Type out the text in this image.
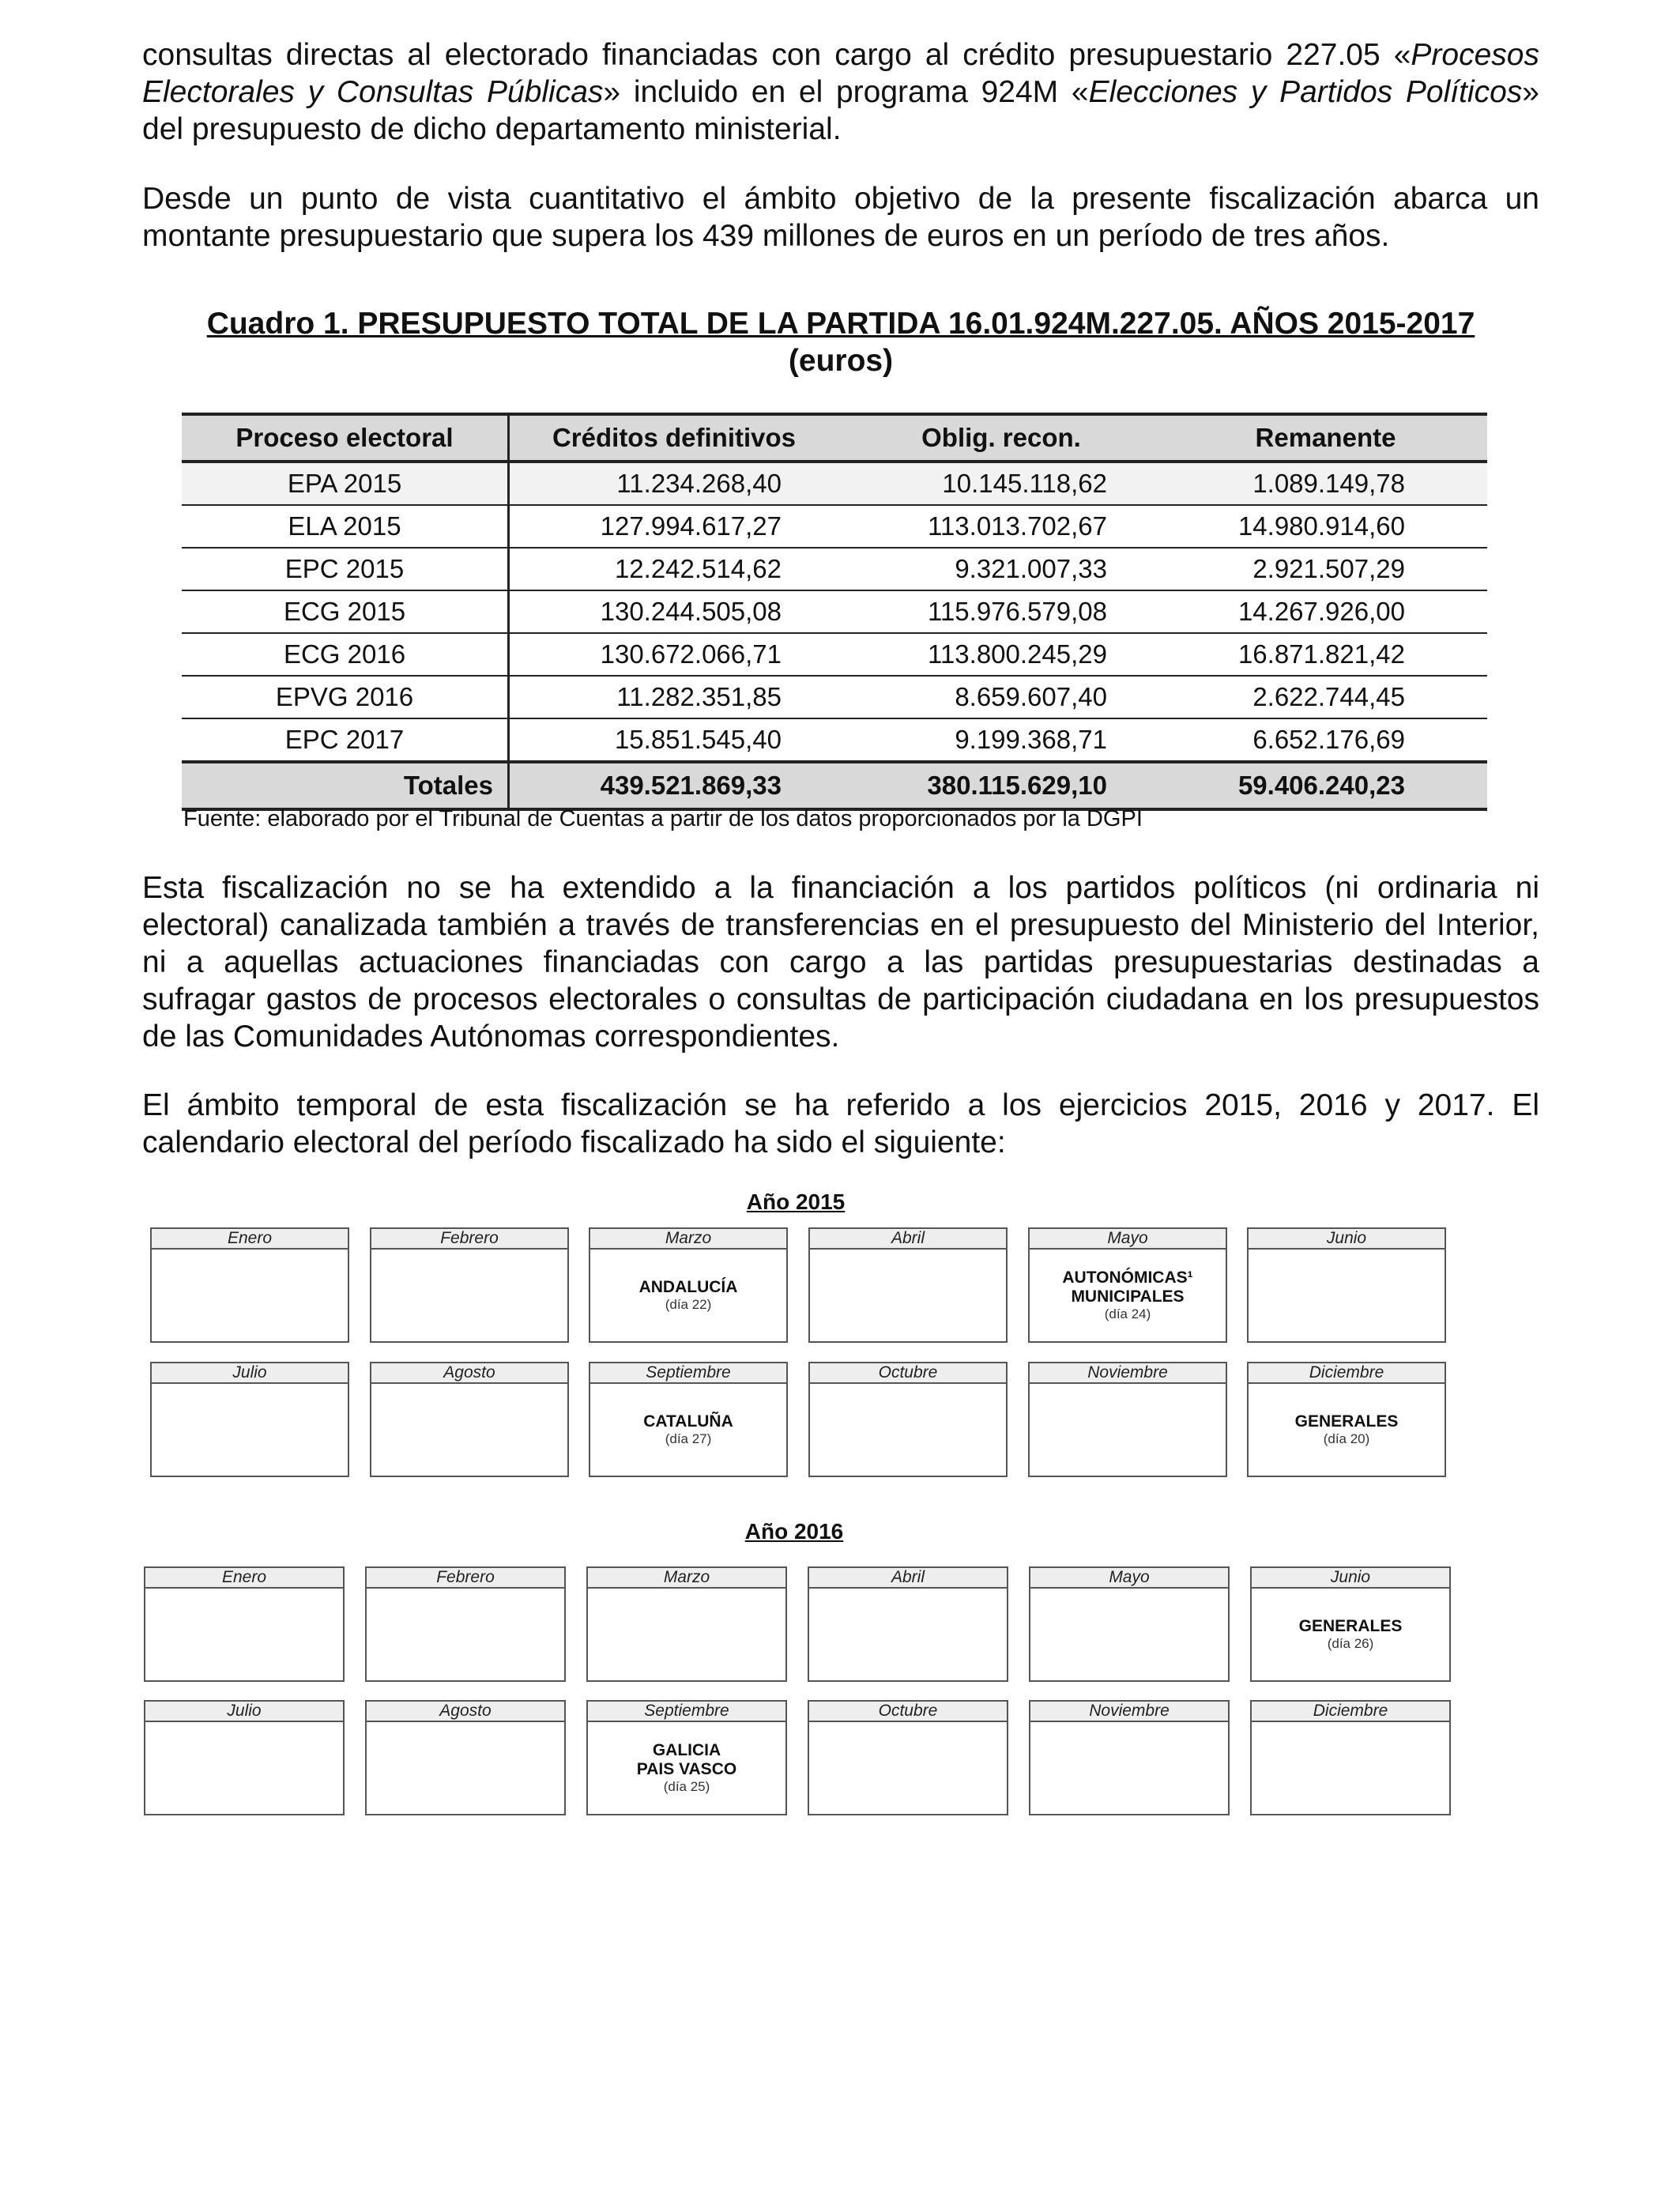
consultas directas al electorado financiadas con cargo al crédito presupuestario 227.05 «Procesos
Electorales y Consultas Públicas» incluido en el programa 924M «Elecciones y Partidos Políticos»
del presupuesto de dicho departamento ministerial.
Desde un punto de vista cuantitativo el ámbito objetivo de la presente fiscalización abarca un
montante presupuestario que supera los 439 millones de euros en un período de tres años.
Cuadro 1. PRESUPUESTO TOTAL DE LA PARTIDA 16.01.924M.227.05. AÑOS 2015-2017
(euros)
Proceso electoral	Créditos definitivos	Oblig. recon.	Remanente
EPA 2015	11.234.268,40	10.145.118,62	1.089.149,78
ELA 2015	127.994.617,27	113.013.702,67	14.980.914,60
EPC 2015	12.242.514,62	9.321.007,33	2.921.507,29
ECG 2015	130.244.505,08	115.976.579,08	14.267.926,00
ECG 2016	130.672.066,71	113.800.245,29	16.871.821,42
EPVG 2016	11.282.351,85	8.659.607,40	2.622.744,45
EPC 2017	15.851.545,40	9.199.368,71	6.652.176,69
Totales	439.521.869,33	380.115.629,10	59.406.240,23
Fuente: elaborado por el Tribunal de Cuentas a partir de los datos proporcionados por la DGPI
Esta fiscalización no se ha extendido a la financiación a los partidos políticos (ni ordinaria ni
electoral) canalizada también a través de transferencias en el presupuesto del Ministerio del Interior,
ni a aquellas actuaciones financiadas con cargo a las partidas presupuestarias destinadas a
sufragar gastos de procesos electorales o consultas de participación ciudadana en los presupuestos
de las Comunidades Autónomas correspondientes.
El ámbito temporal de esta fiscalización se ha referido a los ejercicios 2015, 2016 y 2017. El
calendario electoral del período fiscalizado ha sido el siguiente:
Año 2015
Enero	Febrero	Marzo
ANDALUCÍA
(día 22)
Abril	Mayo
AUTONÓMICAS¹
MUNICIPALES
(día 24)
Junio
Julio	Agosto	Septiembre
CATALUÑA
(día 27)
Octubre	Noviembre	Diciembre
GENERALES
(día 20)
Año 2016
Enero	Febrero	Marzo	Abril	Mayo	Junio
GENERALES
(día 26)
Julio	Agosto	Septiembre
GALICIA
PAIS VASCO
(día 25)
Octubre	Noviembre	Diciembre
